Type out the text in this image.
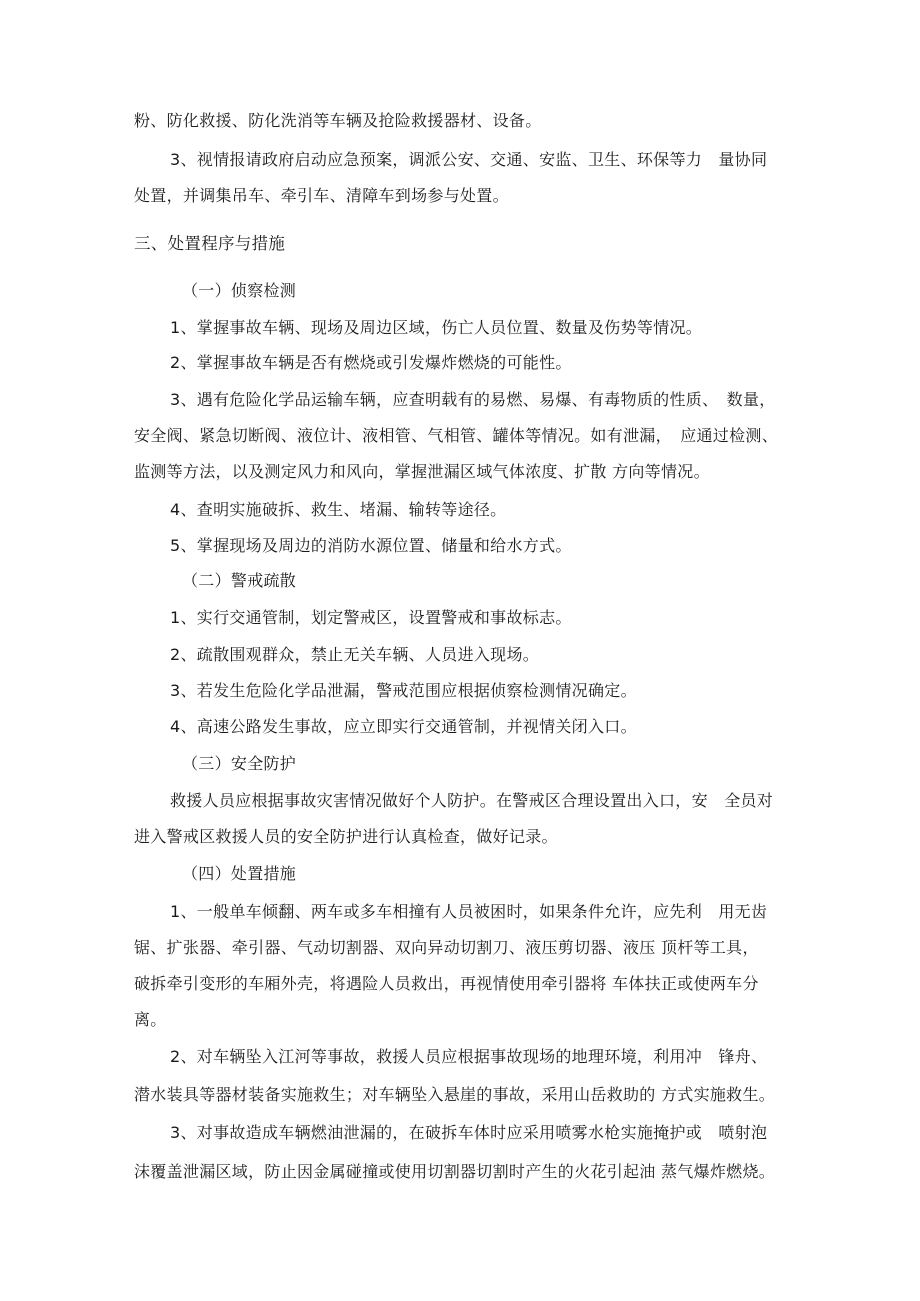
粉、防化救援、防化洗消等车辆及抢险救援器材、设备。
3、视情报请政府启动应急预案，调派公安、交通、安监、卫生、环保等力　量协同
处置，并调集吊车、牵引车、清障车到场参与处置。
三、处置程序与措施
（一）侦察检测
1、掌握事故车辆、现场及周边区域，伤亡人员位置、数量及伤势等情况。
2、掌握事故车辆是否有燃烧或引发爆炸燃烧的可能性。
3、遇有危险化学品运输车辆，应查明载有的易燃、易爆、有毒物质的性质、　数量，
安全阀、紧急切断阀、液位计、液相管、气相管、罐体等情况。如有泄漏，　应通过检测、
监测等方法，以及测定风力和风向，掌握泄漏区域气体浓度、扩散 方向等情况。
4、查明实施破拆、救生、堵漏、输转等途径。
5、掌握现场及周边的消防水源位置、储量和给水方式。
（二）警戒疏散
1、实行交通管制，划定警戒区，设置警戒和事故标志。
2、疏散围观群众，禁止无关车辆、人员进入现场。
3、若发生危险化学品泄漏，警戒范围应根据侦察检测情况确定。
4、高速公路发生事故，应立即实行交通管制，并视情关闭入口。
（三）安全防护
救援人员应根据事故灾害情况做好个人防护。在警戒区合理设置出入口，安　全员对
进入警戒区救援人员的安全防护进行认真检查，做好记录。
（四）处置措施
1、一般单车倾翻、两车或多车相撞有人员被困时，如果条件允许，应先利　用无齿
锯、扩张器、牵引器、气动切割器、双向异动切割刀、液压剪切器、液压 顶杆等工具，
破拆牵引变形的车厢外壳，将遇险人员救出，再视情使用牵引器将 车体扶正或使两车分
离。
2、对车辆坠入江河等事故，救援人员应根据事故现场的地理环境，利用冲　锋舟、
潜水装具等器材装备实施救生；对车辆坠入悬崖的事故，采用山岳救助的 方式实施救生。
3、对事故造成车辆燃油泄漏的，在破拆车体时应采用喷雾水枪实施掩护或　喷射泡
沫覆盖泄漏区域，防止因金属碰撞或使用切割器切割时产生的火花引起油 蒸气爆炸燃烧。
